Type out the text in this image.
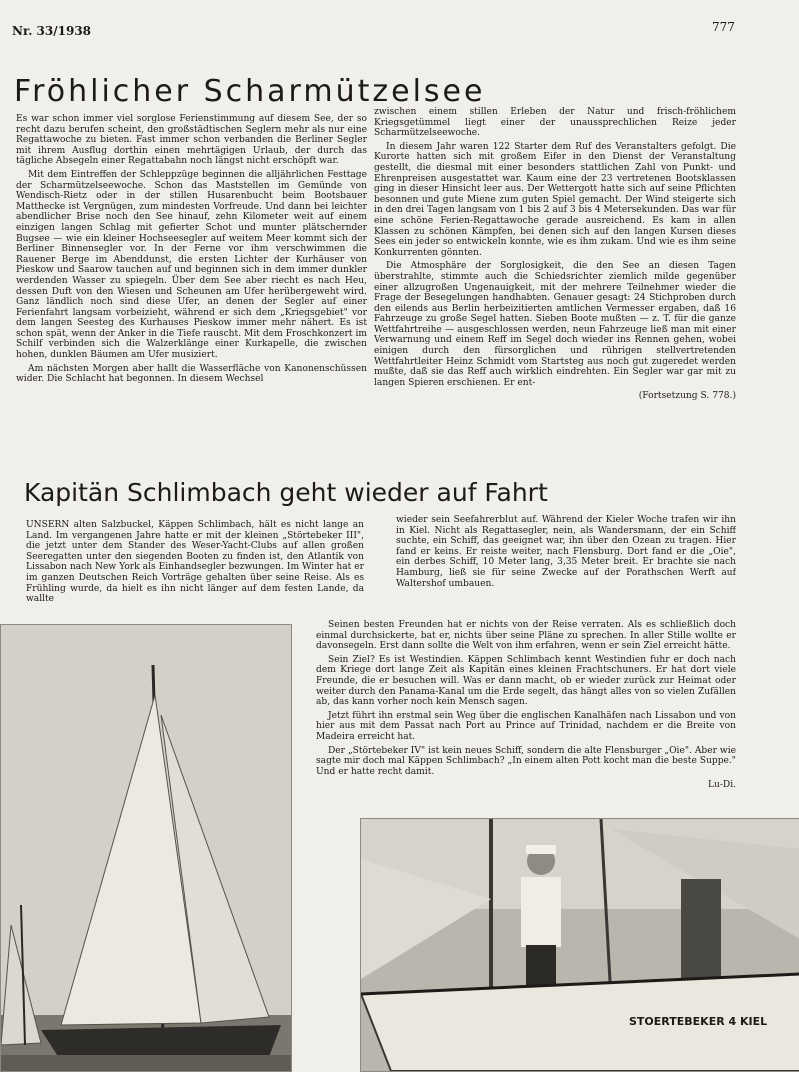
Nr. 33/1938	777
Fröhlicher Scharmützelsee

Es war schon immer viel sorglose Ferienstimmung auf diesem See, der so recht dazu berufen scheint, den großstädtischen Seglern mehr als nur eine Regattawoche zu bieten. Fast immer schon verbanden die Berliner Segler mit ihrem Ausflug dorthin einen mehrtägigen Urlaub, der durch das tägliche Absegeln einer Regattabahn noch längst nicht erschöpft war.

Mit dem Eintreffen der Schleppzüge beginnen die alljährlichen Festtage der Scharmützelseewoche. Schon das Maststellen im Gemünde von Wendisch-Rietz oder in der stillen Husarenbucht beim Bootsbauer Matthecke ist Vergnügen, zum mindesten Vorfreude. Und dann bei leichter abendlicher Brise noch den See hinauf, zehn Kilometer weit auf einem einzigen langen Schlag mit gefierter Schot und munter plätschernder Bugsee — wie ein kleiner Hochseesegler auf weitem Meer kommt sich der Berliner Binnensegler vor. In der Ferne vor ihm verschwimmen die Rauener Berge im Abenddunst, die ersten Lichter der Kurhäuser von Pieskow und Saarow tauchen auf und beginnen sich in dem immer dunkler werdenden Wasser zu spiegeln. Über dem See aber riecht es nach Heu, dessen Duft von den Wiesen und Scheunen am Ufer herübergeweht wird. Ganz ländlich noch sind diese Ufer, an denen der Segler auf einer Ferienfahrt langsam vorbeizieht, während er sich dem „Kriegsgebiet" vor dem langen Seesteg des Kurhauses Pieskow immer mehr nähert. Es ist schon spät, wenn der Anker in die Tiefe rauscht. Mit dem Froschkonzert im Schilf verbinden sich die Walzerklänge einer Kurkapelle, die zwischen hohen, dunklen Bäumen am Ufer musiziert.

Am nächsten Morgen aber hallt die Wasserfläche von Kanonenschüssen wider. Die Schlacht hat begonnen. In diesem Wechsel

zwischen einem stillen Erleben der Natur und frisch-fröhlichem Kriegsgetümmel liegt einer der unaussprechlichen Reize jeder Scharmützelseewoche.

In diesem Jahr waren 122 Starter dem Ruf des Veranstalters gefolgt. Die Kurorte hatten sich mit großem Eifer in den Dienst der Veranstaltung gestellt, die diesmal mit einer besonders stattlichen Zahl von Punkt- und Ehrenpreisen ausgestattet war. Kaum eine der 23 vertretenen Bootsklassen ging in dieser Hinsicht leer aus. Der Wettergott hatte sich auf seine Pflichten besonnen und gute Miene zum guten Spiel gemacht. Der Wind steigerte sich in den drei Tagen langsam von 1 bis 2 auf 3 bis 4 Metersekunden. Das war für eine schöne Ferien-Regattawoche gerade ausreichend. Es kam in allen Klassen zu schönen Kämpfen, bei denen sich auf den langen Kursen dieses Sees ein jeder so entwickeln konnte, wie es ihm zukam. Und wie es ihm seine Konkurrenten gönnten.

Die Atmosphäre der Sorglosigkeit, die den See an diesen Tagen überstrahlte, stimmte auch die Schiedsrichter ziemlich milde gegenüber einer allzugroßen Ungenauigkeit, mit der mehrere Teilnehmer wieder die Frage der Besegelungen handhabten. Genauer gesagt: 24 Stichproben durch den eilends aus Berlin herbeizitierten amtlichen Vermesser ergaben, daß 16 Fahrzeuge zu große Segel hatten. Sieben Boote mußten — z. T. für die ganze Wettfahrtreihe — ausgeschlossen werden, neun Fahrzeuge ließ man mit einer Verwarnung und einem Reff im Segel doch wieder ins Rennen gehen, wobei einigen durch den fürsorglichen und rührigen stellvertretenden Wettfahrtleiter Heinz Schmidt vom Startsteg aus noch gut zugeredet werden mußte, daß sie das Reff auch wirklich eindrehten. Ein Segler war gar mit zu langen Spieren erschienen. Er ent-

(Fortsetzung S. 778.)

Kapitän Schlimbach geht wieder auf Fahrt

UNSERN alten Salzbuckel, Käppen Schlimbach, hält es nicht lange an Land. Im vergangenen Jahre hatte er mit der kleinen „Störtebeker III", die jetzt unter dem Stander des Weser-Yacht-Clubs auf allen großen Seeregatten unter den siegenden Booten zu finden ist, den Atlantik von Lissabon nach New York als Einhandsegler bezwungen. Im Winter hat er im ganzen Deutschen Reich Vorträge gehalten über seine Reise. Als es Frühling wurde, da hielt es ihn nicht länger auf dem festen Lande, da wallte

wieder sein Seefahrerblut auf. Während der Kieler Woche trafen wir ihn in Kiel. Nicht als Regattasegler, nein, als Wandersmann, der ein Schiff suchte, ein Schiff, das geeignet war, ihn über den Ozean zu tragen. Hier fand er keins. Er reiste weiter, nach Flensburg. Dort fand er die „Oie", ein derbes Schiff, 10 Meter lang, 3,35 Meter breit. Er brachte sie nach Hamburg, ließ sie für seine Zwecke auf der Porathschen Werft auf Waltershof umbauen.

Seinen besten Freunden hat er nichts von der Reise verraten. Als es schließlich doch einmal durchsickerte, bat er, nichts über seine Pläne zu sprechen. In aller Stille wollte er davonsegeln. Erst dann sollte die Welt von ihm erfahren, wenn er sein Ziel erreicht hätte.

Sein Ziel? Es ist Westindien. Käppen Schlimbach kennt Westindien fuhr er doch nach dem Kriege dort lange Zeit als Kapitän eines kleinen Frachtschuners. Er hat dort viele Freunde, die er besuchen will. Was er dann macht, ob er wieder zurück zur Heimat oder weiter durch den Panama-Kanal um die Erde segelt, das hängt alles von so vielen Zufällen ab, das kann vorher noch kein Mensch sagen.

Jetzt führt ihn erstmal sein Weg über die englischen Kanalhäfen nach Lissabon und von hier aus mit dem Passat nach Port au Prince auf Trinidad, nachdem er die Breite von Madeira erreicht hat.

Der „Störtebeker IV" ist kein neues Schiff, sondern die alte Flensburger „Oie". Aber wie sagte mir doch mal Käppen Schlimbach? „In einem alten Pott kocht man die beste Suppe." Und er hatte recht damit.

Lu-Di.

STOERTEBEKER 4 KIEL
